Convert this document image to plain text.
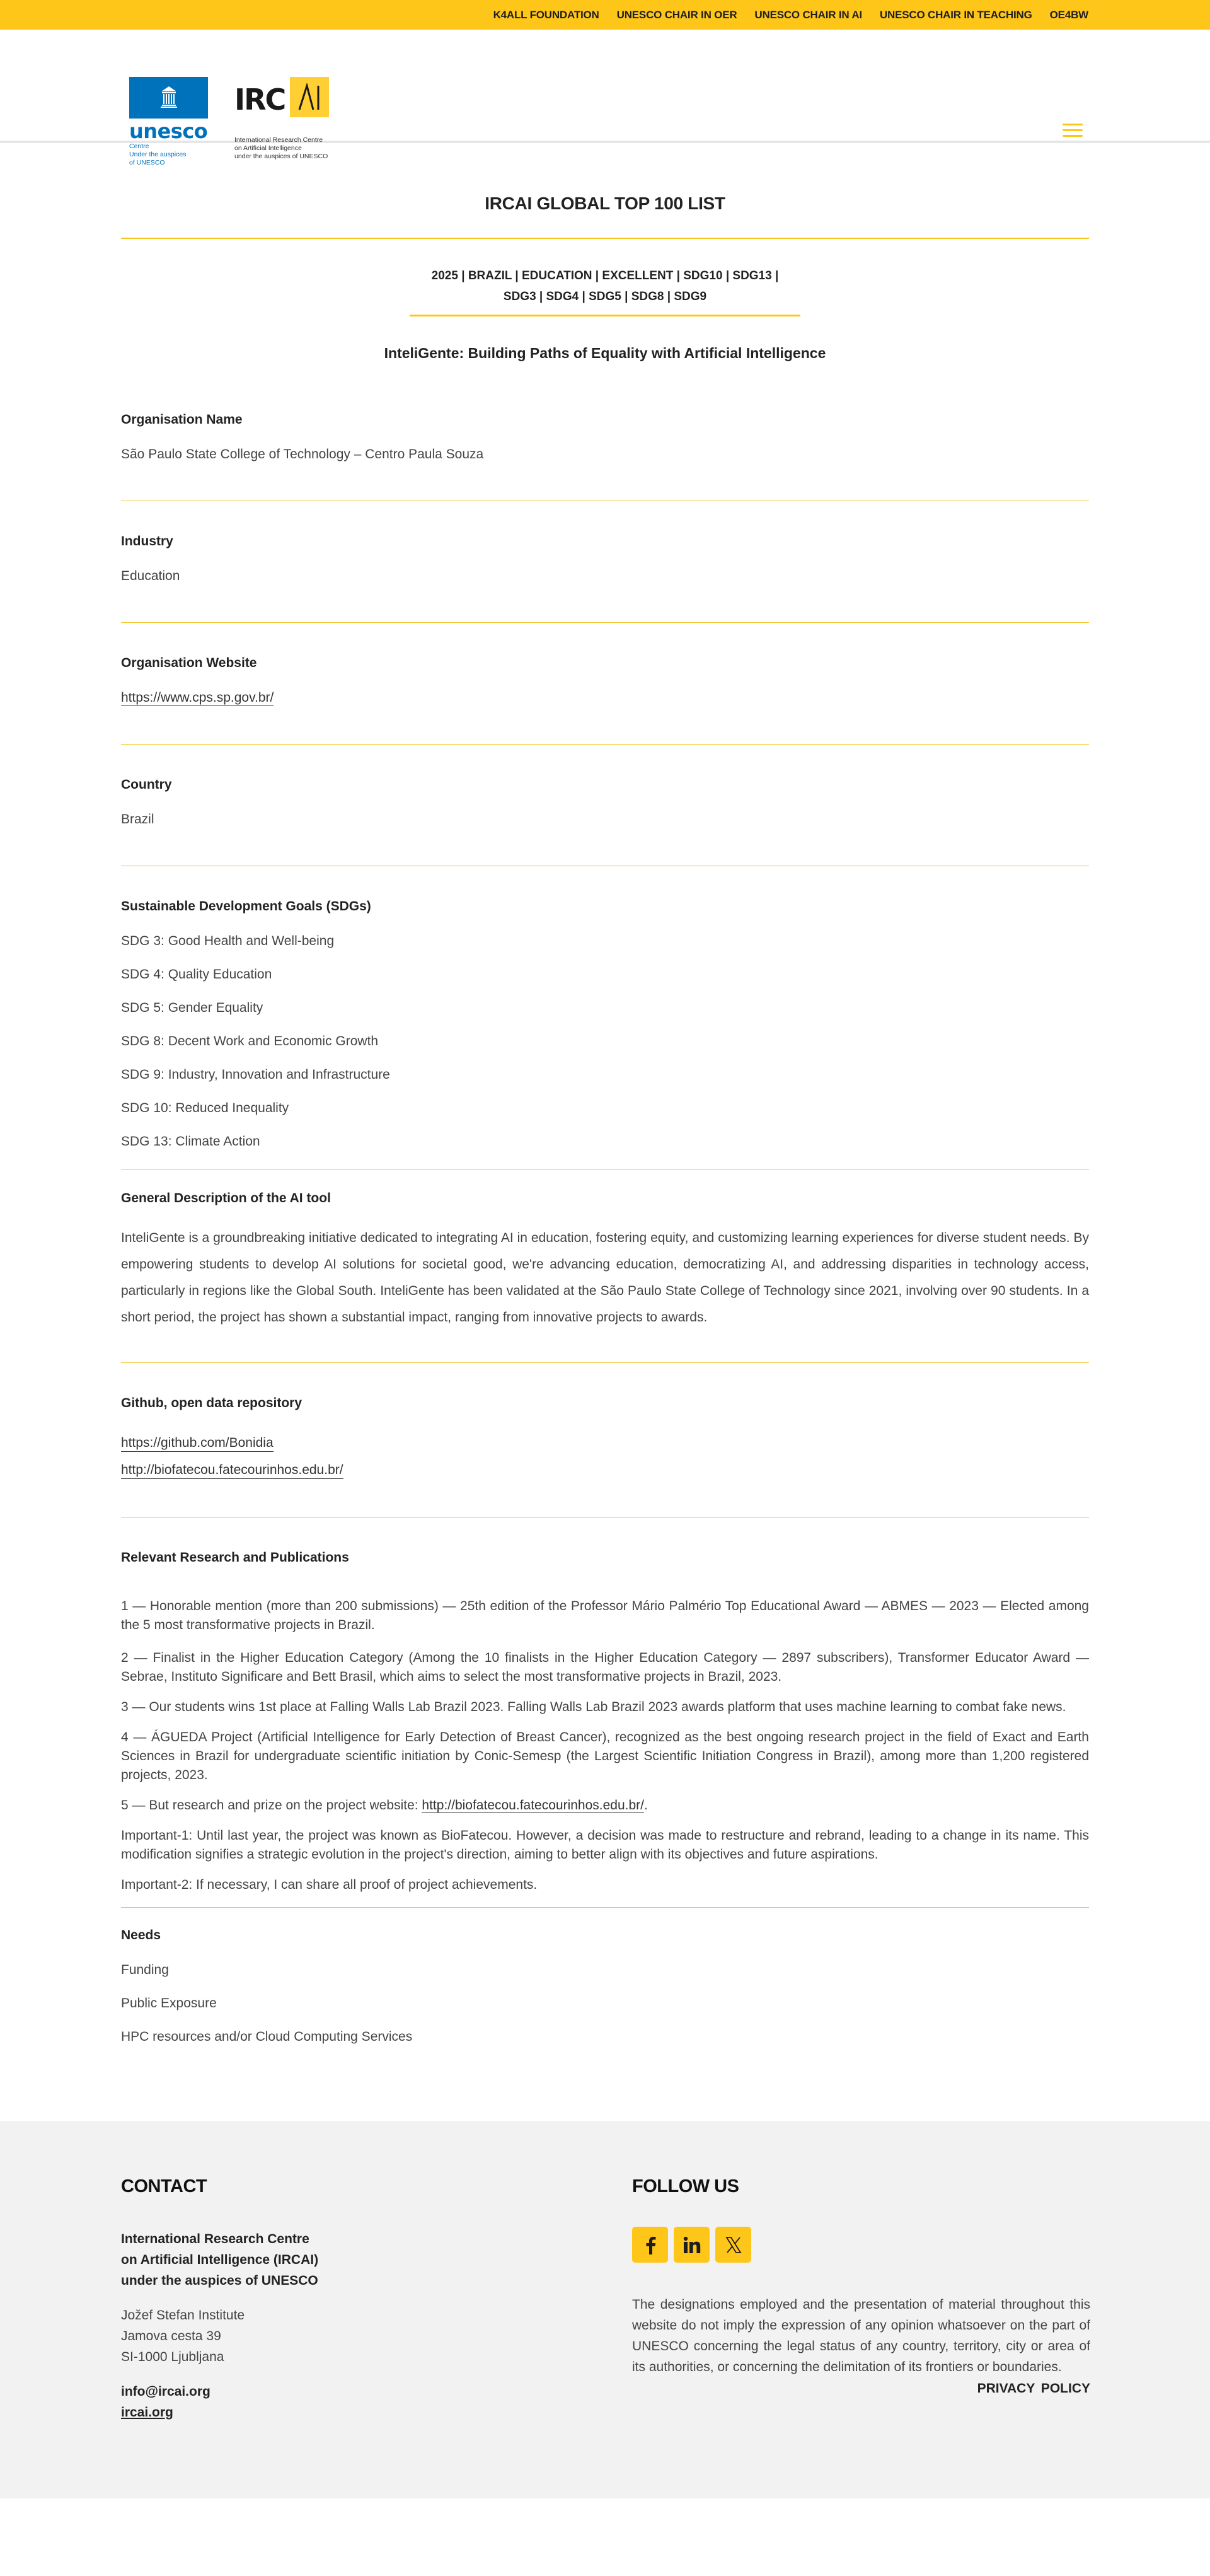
K4ALL FOUNDATION UNESCO CHAIR IN OER UNESCO CHAIR IN AI UNESCO CHAIR IN TEACHING OE4BW
unesco
Centre
Under the auspices
of UNESCO
IRC
International Research Centre
on Artificial Intelligence
under the auspices of UNESCO
IRCAI GLOBAL TOP 100 LIST
2025 | BRAZIL | EDUCATION | EXCELLENT | SDG10 | SDG13 |
SDG3 | SDG4 | SDG5 | SDG8 | SDG9
InteliGente: Building Paths of Equality with Artificial Intelligence
Organisation Name
São Paulo State College of Technology – Centro Paula Souza
Industry
Education
Organisation Website
https://www.cps.sp.gov.br/
Country
Brazil
Sustainable Development Goals (SDGs)
SDG 3: Good Health and Well-being
SDG 4: Quality Education
SDG 5: Gender Equality
SDG 8: Decent Work and Economic Growth
SDG 9: Industry, Innovation and Infrastructure
SDG 10: Reduced Inequality
SDG 13: Climate Action
General Description of the AI tool

InteliGente is a groundbreaking initiative dedicated to integrating AI in education, fostering equity, and customizing learning experiences for diverse student needs. By empowering students to develop AI solutions for societal good, we're advancing education, democratizing AI, and addressing disparities in technology access, particularly in regions like the Global South. InteliGente has been validated at the São Paulo State College of Technology since 2021, involving over 90 students. In a short period, the project has shown a substantial impact, ranging from innovative projects to awards.

Github, open data repository
https://github.com/Bonidia
http://biofatecou.fatecourinhos.edu.br/
Relevant Research and Publications

1 — Honorable mention (more than 200 submissions) — 25th edition of the Professor Mário Palmério Top Educational Award — ABMES — 2023 — Elected among the 5 most transformative projects in Brazil.

2 — Finalist in the Higher Education Category (Among the 10 finalists in the Higher Education Category — 2897 subscribers), Transformer Educator Award — Sebrae, Instituto Significare and Bett Brasil, which aims to select the most transformative projects in Brazil, 2023.

3 — Our students wins 1st place at Falling Walls Lab Brazil 2023. Falling Walls Lab Brazil 2023 awards platform that uses machine learning to combat fake news.

4 — ÁGUEDA Project (Artificial Intelligence for Early Detection of Breast Cancer), recognized as the best ongoing research project in the field of Exact and Earth Sciences in Brazil for undergraduate scientific initiation by Conic-Semesp (the Largest Scientific Initiation Congress in Brazil), among more than 1,200 registered projects, 2023.

5 — But research and prize on the project website: http://biofatecou.fatecourinhos.edu.br/.

Important-1: Until last year, the project was known as BioFatecou. However, a decision was made to restructure and rebrand, leading to a change in its name. This modification signifies a strategic evolution in the project's direction, aiming to better align with its objectives and future aspirations.

Important-2: If necessary, I can share all proof of project achievements.

Needs
Funding
Public Exposure
HPC resources and/or Cloud Computing Services
CONTACT
International Research Centre
on Artificial Intelligence (IRCAI)
under the auspices of UNESCO
Jožef Stefan Institute
Jamova cesta 39
SI-1000 Ljubljana
info@ircai.org
ircai.org
FOLLOW US

The designations employed and the presentation of material throughout this website do not imply the expression of any opinion whatsoever on the part of UNESCO concerning the legal status of any country, territory, city or area of its authorities, or concerning the delimitation of its frontiers or boundaries.

PRIVACY POLICY
